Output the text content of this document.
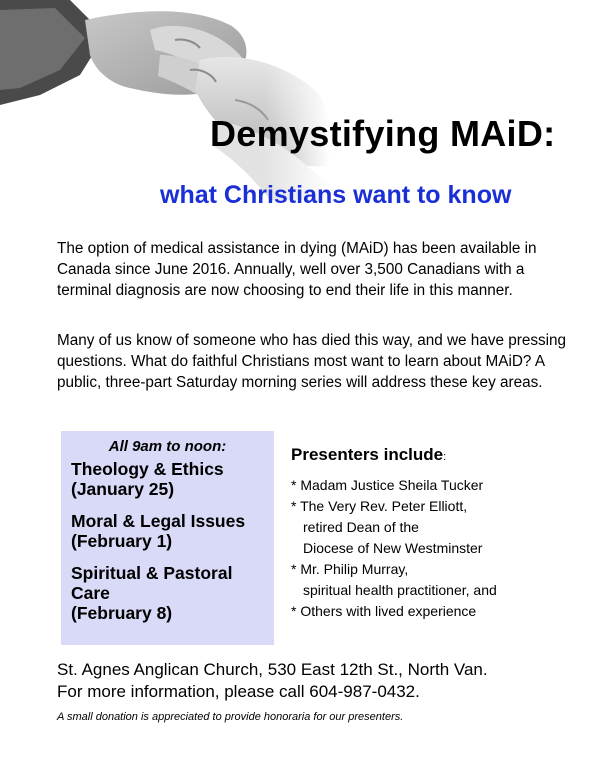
Demystifying MAiD:
what Christians want to know

The option of medical assistance in dying (MAiD) has been available in Canada since June 2016. Annually, well over 3,500 Canadians with a terminal diagnosis are now choosing to end their life in this manner.

Many of us know of someone who has died this way, and we have pressing questions. What do faithful Christians most want to learn about MAiD? A public, three-part Saturday morning series will address these key areas.

All 9am to noon:

Theology & Ethics
(January 25)
Moral & Legal Issues
(February 1)
Spiritual & Pastoral Care
(February 8)

Presenters include:

* Madam Justice Sheila Tucker
* The Very Rev. Peter Elliott,
retired Dean of the
Diocese of New Westminster
* Mr. Philip Murray,
spiritual health practitioner, and
* Others with lived experience

St. Agnes Anglican Church, 530 East 12th St., North Van.
For more information, please call 604-987-0432.

A small donation is appreciated to provide honoraria for our presenters.
